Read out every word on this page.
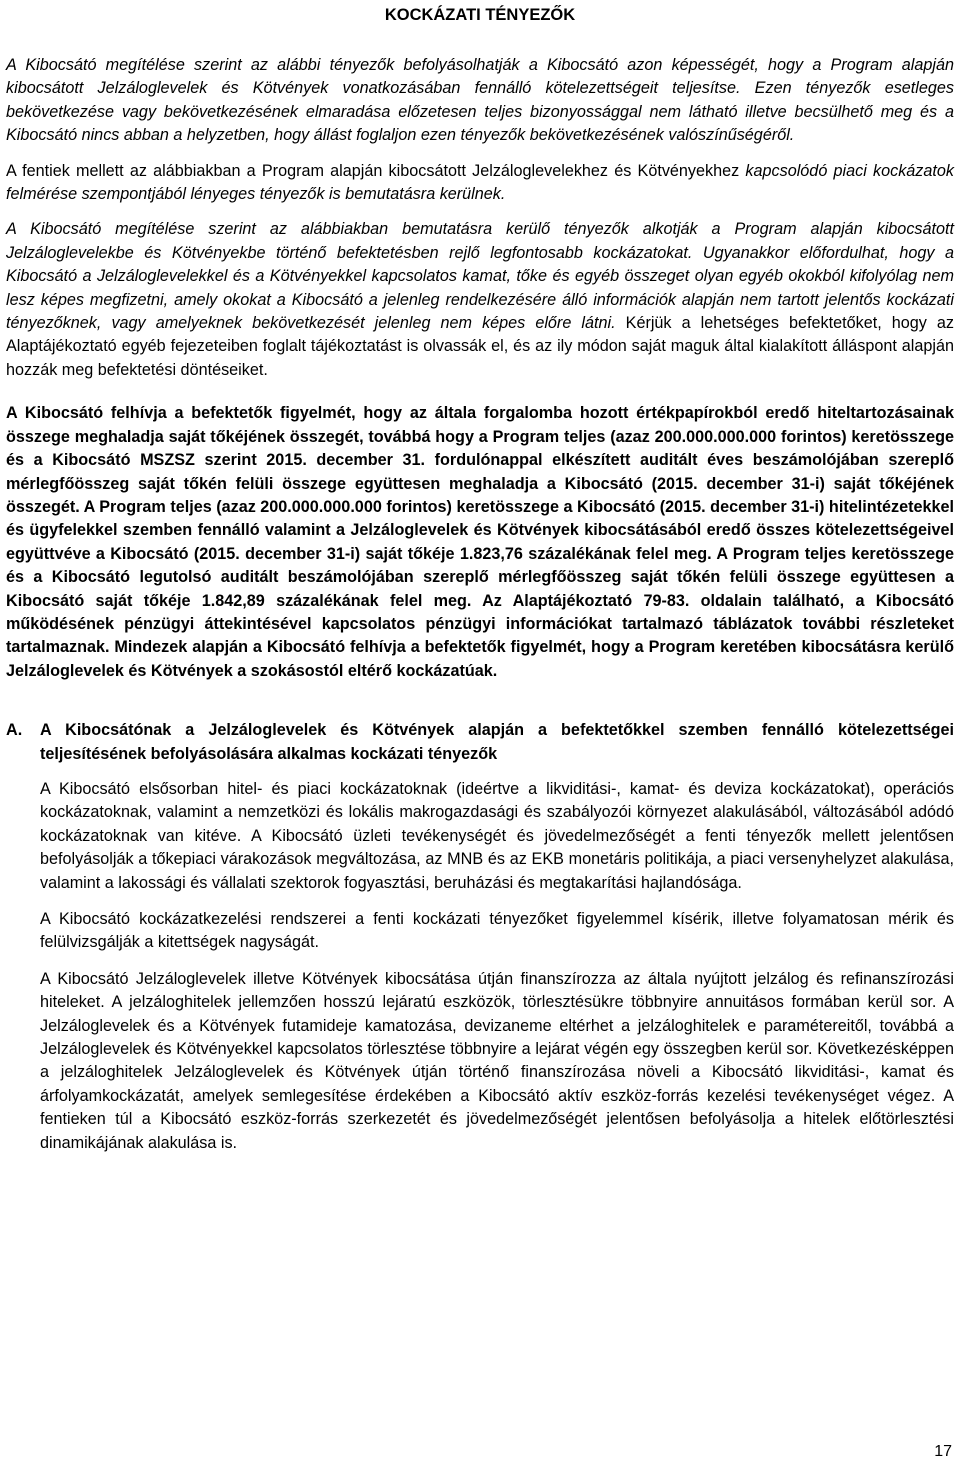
KOCKÁZATI TÉNYEZŐK

A Kibocsátó megítélése szerint az alábbi tényezők befolyásolhatják a Kibocsátó azon képességét, hogy a Program alapján kibocsátott Jelzáloglevelek és Kötvények vonatkozásában fennálló kötelezettségeit teljesítse. Ezen tényezők esetleges bekövetkezése vagy bekövetkezésének elmaradása előzetesen teljes bizonyossággal nem látható illetve becsülhető meg és a Kibocsátó nincs abban a helyzetben, hogy állást foglaljon ezen tényezők bekövetkezésének valószínűségéről.

A fentiek mellett az alábbiakban a Program alapján kibocsátott Jelzáloglevelekhez és Kötvényekhez kapcsolódó piaci kockázatok felmérése szempontjából lényeges tényezők is bemutatásra kerülnek.

A Kibocsátó megítélése szerint az alábbiakban bemutatásra kerülő tényezők alkotják a Program alapján kibocsátott Jelzáloglevelekbe és Kötvényekbe történő befektetésben rejlő legfontosabb kockázatokat. Ugyanakkor előfordulhat, hogy a Kibocsátó a Jelzáloglevelekkel és a Kötvényekkel kapcsolatos kamat, tőke és egyéb összeget olyan egyéb okokból kifolyólag nem lesz képes megfizetni, amely okokat a Kibocsátó a jelenleg rendelkezésére álló információk alapján nem tartott jelentős kockázati tényezőknek, vagy amelyeknek bekövetkezését jelenleg nem képes előre látni. Kérjük a lehetséges befektetőket, hogy az Alaptájékoztató egyéb fejezeteiben foglalt tájékoztatást is olvassák el, és az ily módon saját maguk által kialakított álláspont alapján hozzák meg befektetési döntéseiket.

A Kibocsátó felhívja a befektetők figyelmét, hogy az általa forgalomba hozott értékpapírokból eredő hiteltartozásainak összege meghaladja saját tőkéjének összegét, továbbá hogy a Program teljes (azaz 200.000.000.000 forintos) keretösszege és a Kibocsátó MSZSZ szerint 2015. december 31. fordulónappal elkészített auditált éves beszámolójában szereplő mérlegfőösszeg saját tőkén felüli összege együttesen meghaladja a Kibocsátó (2015. december 31-i) saját tőkéjének összegét. A Program teljes (azaz 200.000.000.000 forintos) keretösszege a Kibocsátó (2015. december 31-i) hitelintézetekkel és ügyfelekkel szemben fennálló valamint a Jelzáloglevelek és Kötvények kibocsátásából eredő összes kötelezettségeivel együttvéve a Kibocsátó (2015. december 31-i) saját tőkéje 1.823,76 százalékának felel meg. A Program teljes keretösszege és a Kibocsátó legutolsó auditált beszámolójában szereplő mérlegfőösszeg saját tőkén felüli összege együttesen a Kibocsátó saját tőkéje 1.842,89 százalékának felel meg. Az Alaptájékoztató 79-83. oldalain található, a Kibocsátó működésének pénzügyi áttekintésével kapcsolatos pénzügyi információkat tartalmazó táblázatok további részleteket tartalmaznak. Mindezek alapján a Kibocsátó felhívja a befektetők figyelmét, hogy a Program keretében kibocsátásra kerülő Jelzáloglevelek és Kötvények a szokásostól eltérő kockázatúak.

A.	A Kibocsátónak a Jelzáloglevelek és Kötvények alapján a befektetőkkel szemben fennálló kötelezettségei teljesítésének befolyásolására alkalmas kockázati tényezők

A Kibocsátó elsősorban hitel- és piaci kockázatoknak (ideértve a likviditási-, kamat- és deviza kockázatokat), operációs kockázatoknak, valamint a nemzetközi és lokális makrogazdasági és szabályozói környezet alakulásából, változásából adódó kockázatoknak van kitéve. A Kibocsátó üzleti tevékenységét és jövedelmezőségét a fenti tényezők mellett jelentősen befolyásolják a tőkepiaci várakozások megváltozása, az MNB és az EKB monetáris politikája, a piaci versenyhelyzet alakulása, valamint a lakossági és vállalati szektorok fogyasztási, beruházási és megtakarítási hajlandósága.

A Kibocsátó kockázatkezelési rendszerei a fenti kockázati tényezőket figyelemmel kísérik, illetve folyamatosan mérik és felülvizsgálják a kitettségek nagyságát.

A Kibocsátó Jelzáloglevelek illetve Kötvények kibocsátása útján finanszírozza az általa nyújtott jelzálog és refinanszírozási hiteleket. A jelzáloghitelek jellemzően hosszú lejáratú eszközök, törlesztésükre többnyire annuitásos formában kerül sor. A Jelzáloglevelek és a Kötvények futamideje kamatozása, devizaneme eltérhet a jelzáloghitelek e paramétereitől, továbbá a Jelzáloglevelek és Kötvényekkel kapcsolatos törlesztése többnyire a lejárat végén egy összegben kerül sor. Következésképpen a jelzáloghitelek Jelzáloglevelek és Kötvények útján történő finanszírozása növeli a Kibocsátó likviditási-, kamat és árfolyamkockázatát, amelyek semlegesítése érdekében a Kibocsátó aktív eszköz-forrás kezelési tevékenységet végez. A fentieken túl a Kibocsátó eszköz-forrás szerkezetét és jövedelmezőségét jelentősen befolyásolja a hitelek előtörlesztési dinamikájának alakulása is.

17
